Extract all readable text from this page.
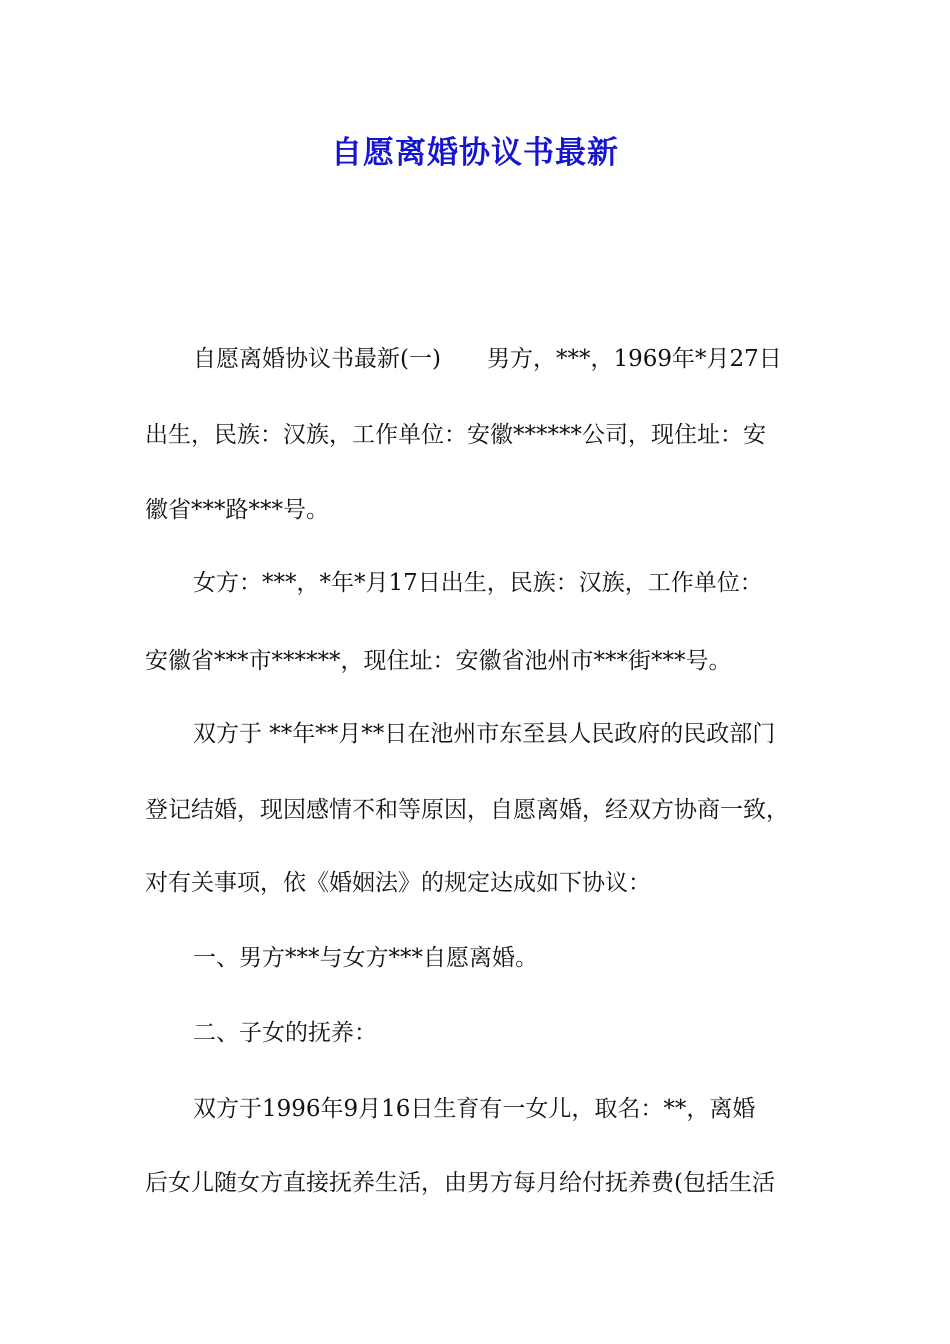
自愿离婚协议书最新
自愿离婚协议书最新(一)　　男方，***，1969年*月27日
出生，民族：汉族，工作单位：安徽******公司，现住址：安
徽省***路***号。
女方：***，*年*月17日出生，民族：汉族，工作单位：
安徽省***市******，现住址：安徽省池州市***街***号。
双方于 **年**月**日在池州市东至县人民政府的民政部门
登记结婚，现因感情不和等原因，自愿离婚，经双方协商一致，
对有关事项，依《婚姻法》的规定达成如下协议：
一、男方***与女方***自愿离婚。
二、子女的抚养：
双方于1996年9月16日生育有一女儿，取名：**，离婚
后女儿随女方直接抚养生活，由男方每月给付抚养费(包括生活
